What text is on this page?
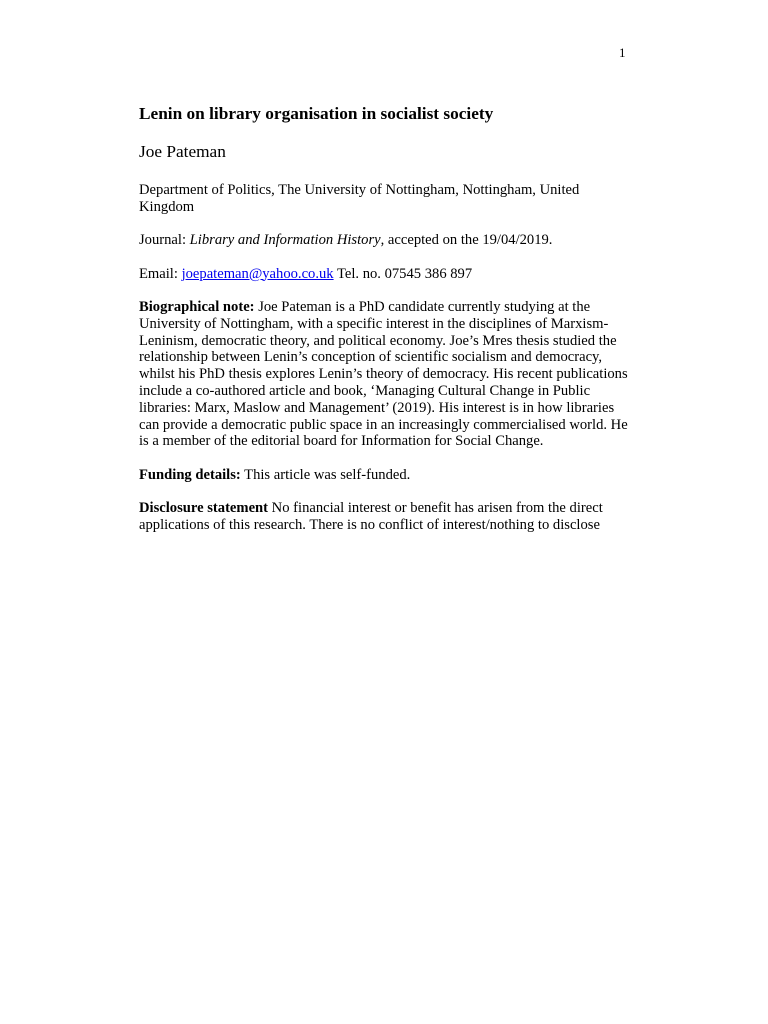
1
Lenin on library organisation in socialist society
Joe Pateman

Department of Politics, The University of Nottingham, Nottingham, United Kingdom

Journal: Library and Information History, accepted on the 19/04/2019.

Email: joepateman@yahoo.co.uk Tel. no. 07545 386 897

Biographical note: Joe Pateman is a PhD candidate currently studying at the University of Nottingham, with a specific interest in the disciplines of Marxism-Leninism, democratic theory, and political economy. Joe’s Mres thesis studied the relationship between Lenin’s conception of scientific socialism and democracy, whilst his PhD thesis explores Lenin’s theory of democracy. His recent publications include a co-authored article and book, ‘Managing Cultural Change in Public libraries: Marx, Maslow and Management’ (2019). His interest is in how libraries can provide a democratic public space in an increasingly commercialised world. He is a member of the editorial board for Information for Social Change.

Funding details: This article was self-funded.

Disclosure statement No financial interest or benefit has arisen from the direct applications of this research. There is no conflict of interest/nothing to disclose
